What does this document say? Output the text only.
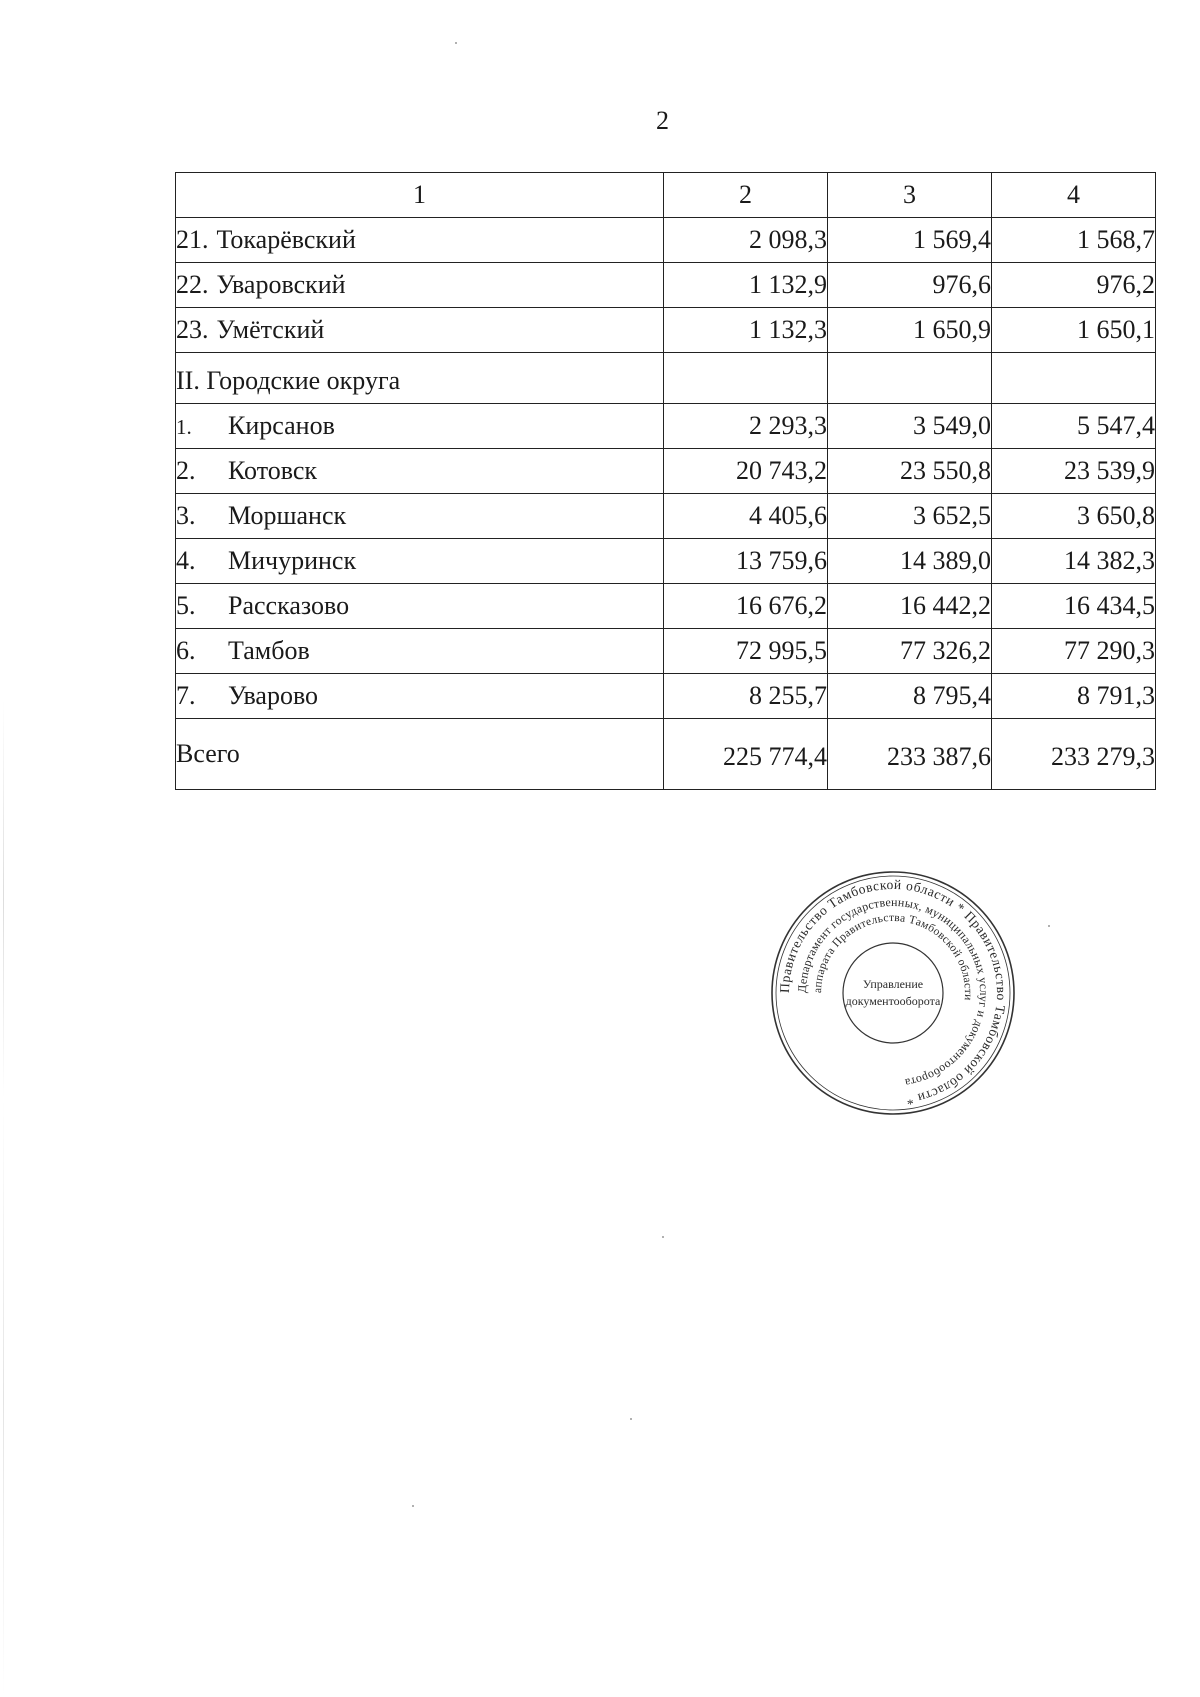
2
1	2	3	4
21. Токарёвский	2 098,3	1 569,4	1 568,7
22. Уваровский	1 132,9	976,6	976,2
23. Умётский	1 132,3	1 650,9	1 650,1
II. Городские округа			
1. Кирсанов	2 293,3	3 549,0	5 547,4
2. Котовск	20 743,2	23 550,8	23 539,9
3. Моршанск	4 405,6	3 652,5	3 650,8
4. Мичуринск	13 759,6	14 389,0	14 382,3
5. Рассказово	16 676,2	16 442,2	16 434,5
6. Тамбов	72 995,5	77 326,2	77 290,3
7. Уварово	8 255,7	8 795,4	8 791,3
Всего	225 774,4	233 387,6	233 279,3
Правительство Тамбовской области * Правительство Тамбовской области *
Департамент государственных, муниципальных услуг и документооборота
аппарата Правительства Тамбовской области
Управление
документооборота
